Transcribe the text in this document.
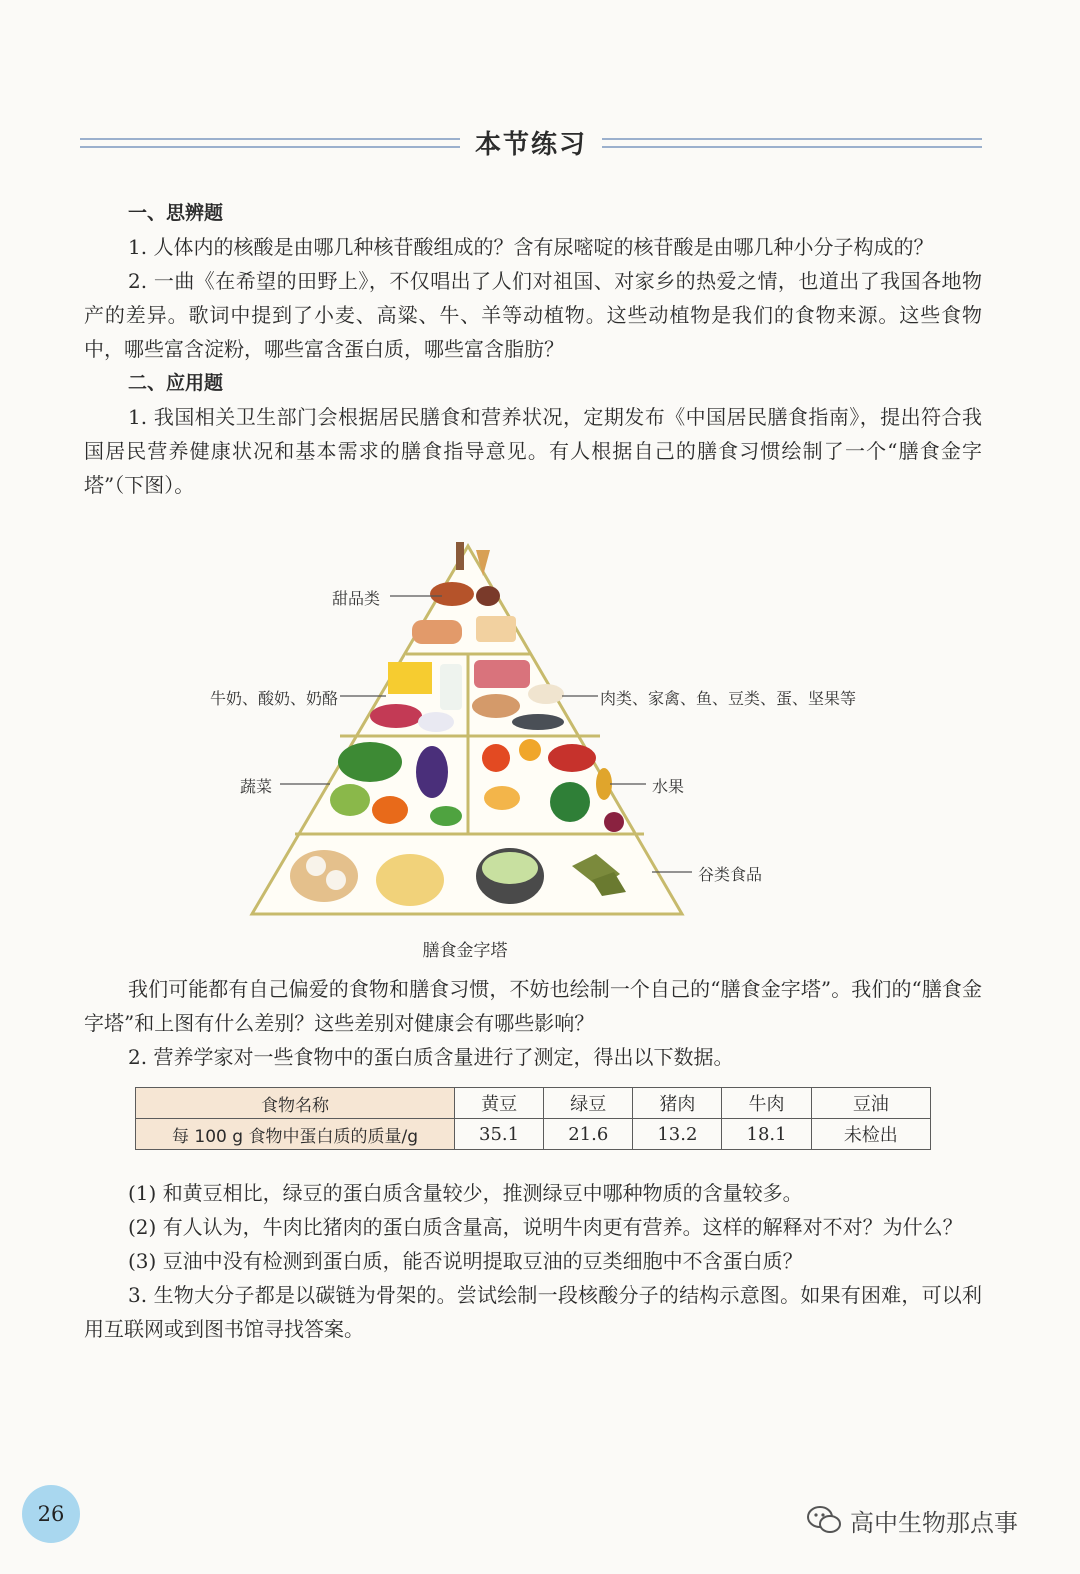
本节练习

一、思辨题

1. 人体内的核酸是由哪几种核苷酸组成的？含有尿嘧啶的核苷酸是由哪几种小分子构成的？

2. 一曲《在希望的田野上》，不仅唱出了人们对祖国、对家乡的热爱之情，也道出了我国各地物产的差异。歌词中提到了小麦、高粱、牛、羊等动植物。这些动植物是我们的食物来源。这些食物中，哪些富含淀粉，哪些富含蛋白质，哪些富含脂肪？

二、应用题

1. 我国相关卫生部门会根据居民膳食和营养状况，定期发布《中国居民膳食指南》，提出符合我国居民营养健康状况和基本需求的膳食指导意见。有人根据自己的膳食习惯绘制了一个“膳食金字塔”（下图）。

甜品类
牛奶、酸奶、奶酪	肉类、家禽、鱼、豆类、蛋、坚果等
蔬菜	水果
谷类食品
膳食金字塔

我们可能都有自己偏爱的食物和膳食习惯，不妨也绘制一个自己的“膳食金字塔”。我们的“膳食金字塔”和上图有什么差别？这些差别对健康会有哪些影响？

2. 营养学家对一些食物中的蛋白质含量进行了测定，得出以下数据。

食物名称	黄豆	绿豆	猪肉	牛肉	豆油
每 100 g 食物中蛋白质的质量/g	35.1	21.6	13.2	18.1	未检出

(1) 和黄豆相比，绿豆的蛋白质含量较少，推测绿豆中哪种物质的含量较多。

(2) 有人认为，牛肉比猪肉的蛋白质含量高，说明牛肉更有营养。这样的解释对不对？为什么？

(3) 豆油中没有检测到蛋白质，能否说明提取豆油的豆类细胞中不含蛋白质？

3. 生物大分子都是以碳链为骨架的。尝试绘制一段核酸分子的结构示意图。如果有困难，可以利用互联网或到图书馆寻找答案。

26	高中生物那点事
